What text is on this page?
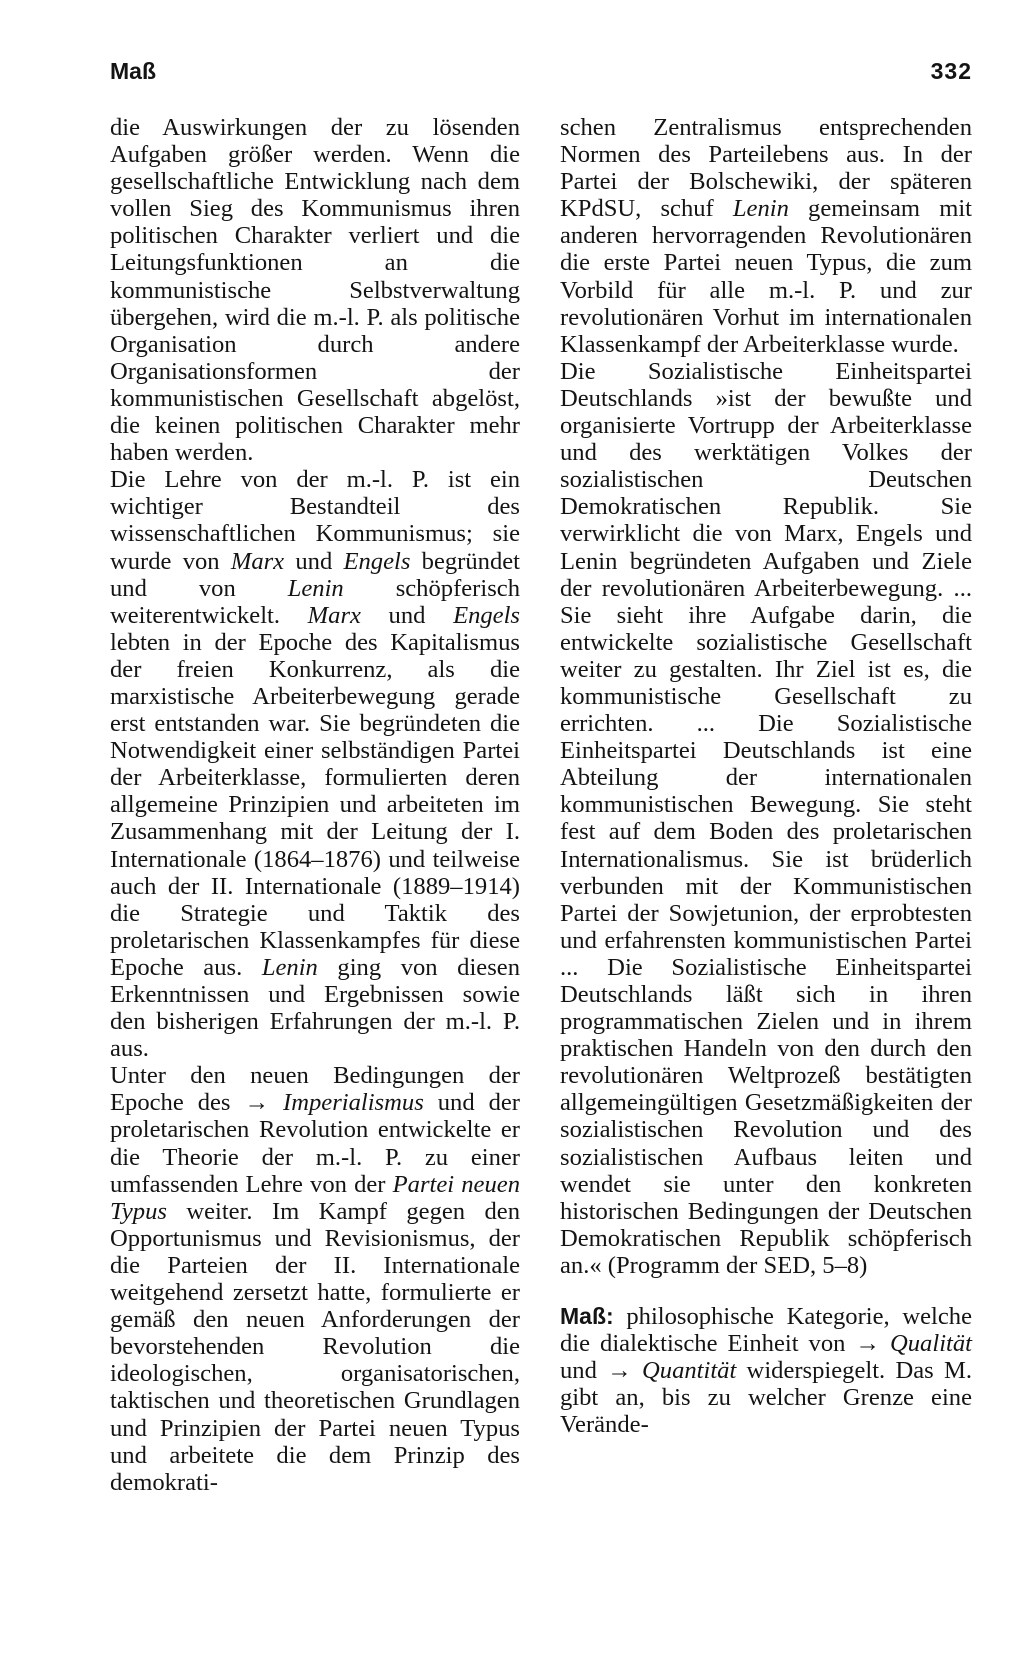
Maß	332

die Auswirkungen der zu lösenden Aufgaben größer werden. Wenn die gesellschaftliche Entwicklung nach dem vollen Sieg des Kommunismus ihren politischen Charakter verliert und die Leitungsfunktionen an die kommunistische Selbstverwaltung übergehen, wird die m.-l. P. als politische Organisation durch andere Organisationsformen der kommunistischen Gesellschaft abgelöst, die keinen politischen Charakter mehr haben werden.

Die Lehre von der m.-l. P. ist ein wichtiger Bestandteil des wissenschaftlichen Kommunismus; sie wurde von Marx und Engels begründet und von Lenin schöpferisch weiterentwickelt. Marx und Engels lebten in der Epoche des Kapitalismus der freien Konkurrenz, als die marxistische Arbeiterbewegung gerade erst entstanden war. Sie begründeten die Notwendigkeit einer selbständigen Partei der Arbeiterklasse, formulierten deren allgemeine Prinzipien und arbeiteten im Zusammenhang mit der Leitung der I. Internationale (1864–1876) und teilweise auch der II. Internationale (1889–1914) die Strategie und Taktik des proletarischen Klassenkampfes für diese Epoche aus. Lenin ging von diesen Erkenntnissen und Ergebnissen sowie den bisherigen Erfahrungen der m.-l. P. aus.

Unter den neuen Bedingungen der Epoche des → Imperialismus und der proletarischen Revolution entwickelte er die Theorie der m.-l. P. zu einer umfassenden Lehre von der Partei neuen Typus weiter. Im Kampf gegen den Opportunismus und Revisionismus, der die Parteien der II. Internationale weitgehend zersetzt hatte, formulierte er gemäß den neuen Anforderungen der bevorstehenden Revolution die ideologischen, organisatorischen, taktischen und theoretischen Grundlagen und Prinzipien der Partei neuen Typus und arbeitete die dem Prinzip des demokrati-

schen Zentralismus entsprechenden Normen des Parteilebens aus. In der Partei der Bolschewiki, der späteren KPdSU, schuf Lenin gemeinsam mit anderen hervorragenden Revolutionären die erste Partei neuen Typus, die zum Vorbild für alle m.-l. P. und zur revolutionären Vorhut im internationalen Klassenkampf der Arbeiterklasse wurde.

Die Sozialistische Einheitspartei Deutschlands »ist der bewußte und organisierte Vortrupp der Arbeiterklasse und des werktätigen Volkes der sozialistischen Deutschen Demokratischen Republik. Sie verwirklicht die von Marx, Engels und Lenin begründeten Aufgaben und Ziele der revolutionären Arbeiterbewegung. ... Sie sieht ihre Aufgabe darin, die entwickelte sozialistische Gesellschaft weiter zu gestalten. Ihr Ziel ist es, die kommunistische Gesellschaft zu errichten. ... Die Sozialistische Einheitspartei Deutschlands ist eine Abteilung der internationalen kommunistischen Bewegung. Sie steht fest auf dem Boden des proletarischen Internationalismus. Sie ist brüderlich verbunden mit der Kommunistischen Partei der Sowjetunion, der erprobtesten und erfahrensten kommunistischen Partei ... Die Sozialistische Einheitspartei Deutschlands läßt sich in ihren programmatischen Zielen und in ihrem praktischen Handeln von den durch den revolutionären Weltprozeß bestätigten allgemeingültigen Gesetzmäßigkeiten der sozialistischen Revolution und des sozialistischen Aufbaus leiten und wendet sie unter den konkreten historischen Bedingungen der Deutschen Demokratischen Republik schöpferisch an.« (Programm der SED, 5–8)

Maß: philosophische Kategorie, welche die dialektische Einheit von → Qualität und → Quantität widerspiegelt. Das M. gibt an, bis zu welcher Grenze eine Verände-
